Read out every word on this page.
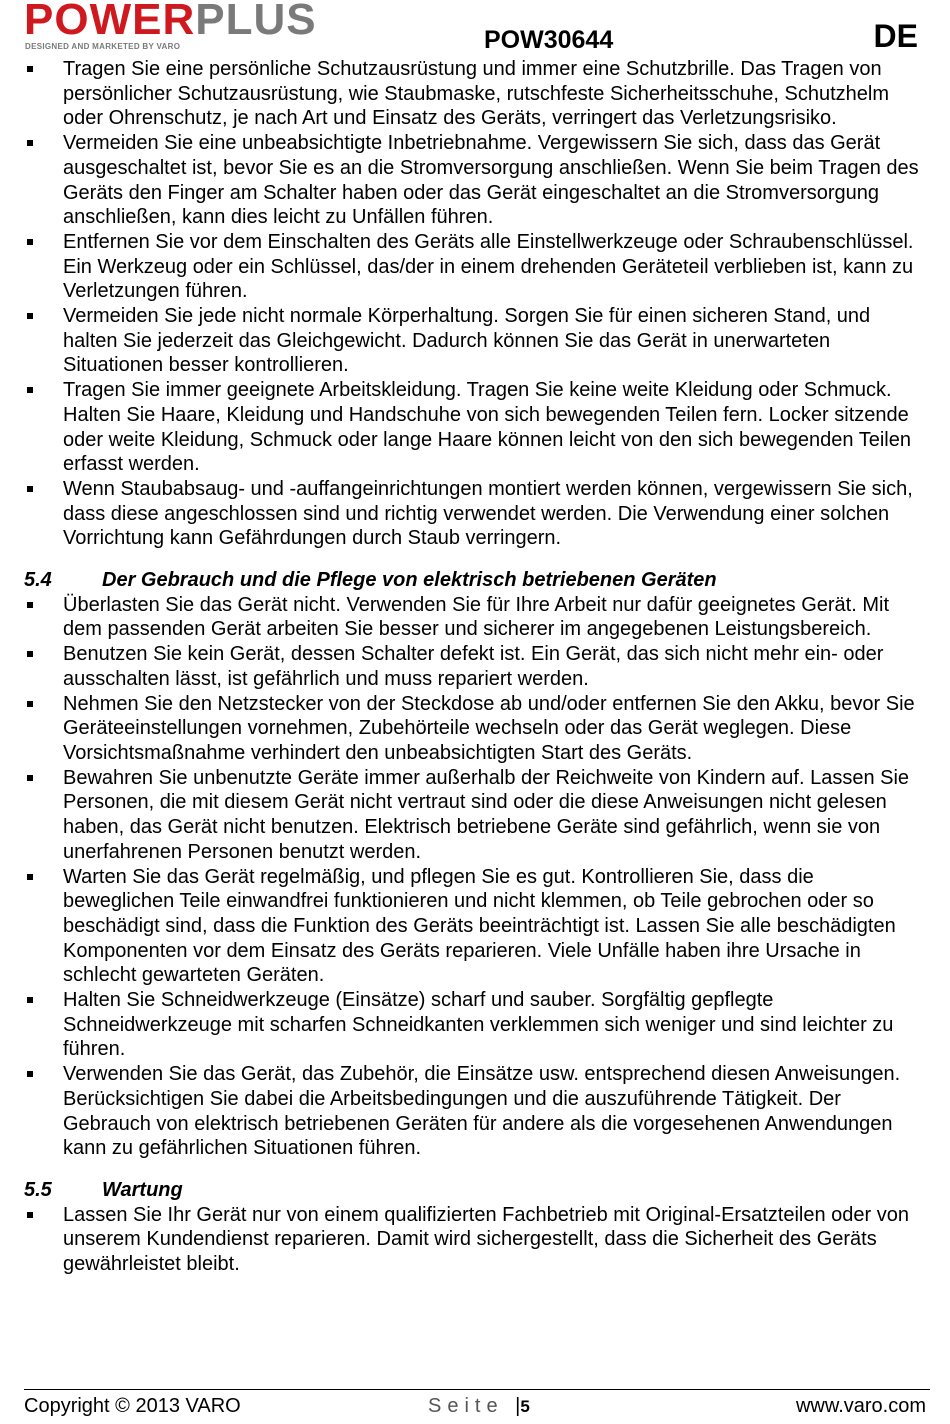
POWERPLUS
DESIGNED AND MARKETED BY VARO	POW30644	DE
Tragen Sie eine persönliche Schutzausrüstung und immer eine Schutzbrille. Das Tragen von persönlicher Schutzausrüstung, wie Staubmaske, rutschfeste Sicherheitsschuhe, Schutzhelm oder Ohrenschutz, je nach Art und Einsatz des Geräts, verringert das Verletzungsrisiko.
Vermeiden Sie eine unbeabsichtigte Inbetriebnahme. Vergewissern Sie sich, dass das Gerät ausgeschaltet ist, bevor Sie es an die Stromversorgung anschließen. Wenn Sie beim Tragen des Geräts den Finger am Schalter haben oder das Gerät eingeschaltet an die Stromversorgung anschließen, kann dies leicht zu Unfällen führen.
Entfernen Sie vor dem Einschalten des Geräts alle Einstellwerkzeuge oder Schraubenschlüssel. Ein Werkzeug oder ein Schlüssel, das/der in einem drehenden Geräteteil verblieben ist, kann zu Verletzungen führen.
Vermeiden Sie jede nicht normale Körperhaltung. Sorgen Sie für einen sicheren Stand, und halten Sie jederzeit das Gleichgewicht. Dadurch können Sie das Gerät in unerwarteten Situationen besser kontrollieren.
Tragen Sie immer geeignete Arbeitskleidung. Tragen Sie keine weite Kleidung oder Schmuck. Halten Sie Haare, Kleidung und Handschuhe von sich bewegenden Teilen fern. Locker sitzende oder weite Kleidung, Schmuck oder lange Haare können leicht von den sich bewegenden Teilen erfasst werden.
Wenn Staubabsaug- und -auffangeinrichtungen montiert werden können, vergewissern Sie sich, dass diese angeschlossen sind und richtig verwendet werden. Die Verwendung einer solchen Vorrichtung kann Gefährdungen durch Staub verringern.
5.4	Der Gebrauch und die Pflege von elektrisch betriebenen Geräten
Überlasten Sie das Gerät nicht. Verwenden Sie für Ihre Arbeit nur dafür geeignetes Gerät. Mit dem passenden Gerät arbeiten Sie besser und sicherer im angegebenen Leistungsbereich.
Benutzen Sie kein Gerät, dessen Schalter defekt ist. Ein Gerät, das sich nicht mehr ein- oder ausschalten lässt, ist gefährlich und muss repariert werden.
Nehmen Sie den Netzstecker von der Steckdose ab und/oder entfernen Sie den Akku, bevor Sie Geräteeinstellungen vornehmen, Zubehörteile wechseln oder das Gerät weglegen. Diese Vorsichtsmaßnahme verhindert den unbeabsichtigten Start des Geräts.
Bewahren Sie unbenutzte Geräte immer außerhalb der Reichweite von Kindern auf. Lassen Sie Personen, die mit diesem Gerät nicht vertraut sind oder die diese Anweisungen nicht gelesen haben, das Gerät nicht benutzen. Elektrisch betriebene Geräte sind gefährlich, wenn sie von unerfahrenen Personen benutzt werden.
Warten Sie das Gerät regelmäßig, und pflegen Sie es gut. Kontrollieren Sie, dass die beweglichen Teile einwandfrei funktionieren und nicht klemmen, ob Teile gebrochen oder so beschädigt sind, dass die Funktion des Geräts beeinträchtigt ist. Lassen Sie alle beschädigten Komponenten vor dem Einsatz des Geräts reparieren. Viele Unfälle haben ihre Ursache in schlecht gewarteten Geräten.
Halten Sie Schneidwerkzeuge (Einsätze) scharf und sauber. Sorgfältig gepflegte Schneidwerkzeuge mit scharfen Schneidkanten verklemmen sich weniger und sind leichter zu führen.
Verwenden Sie das Gerät, das Zubehör, die Einsätze usw. entsprechend diesen Anweisungen. Berücksichtigen Sie dabei die Arbeitsbedingungen und die auszuführende Tätigkeit. Der Gebrauch von elektrisch betriebenen Geräten für andere als die vorgesehenen Anwendungen kann zu gefährlichen Situationen führen.
5.5	Wartung
Lassen Sie Ihr Gerät nur von einem qualifizierten Fachbetrieb mit Original-Ersatzteilen oder von unserem Kundendienst reparieren. Damit wird sichergestellt, dass die Sicherheit des Geräts gewährleistet bleibt.
Copyright © 2013 VARO	Seite |5	www.varo.com
